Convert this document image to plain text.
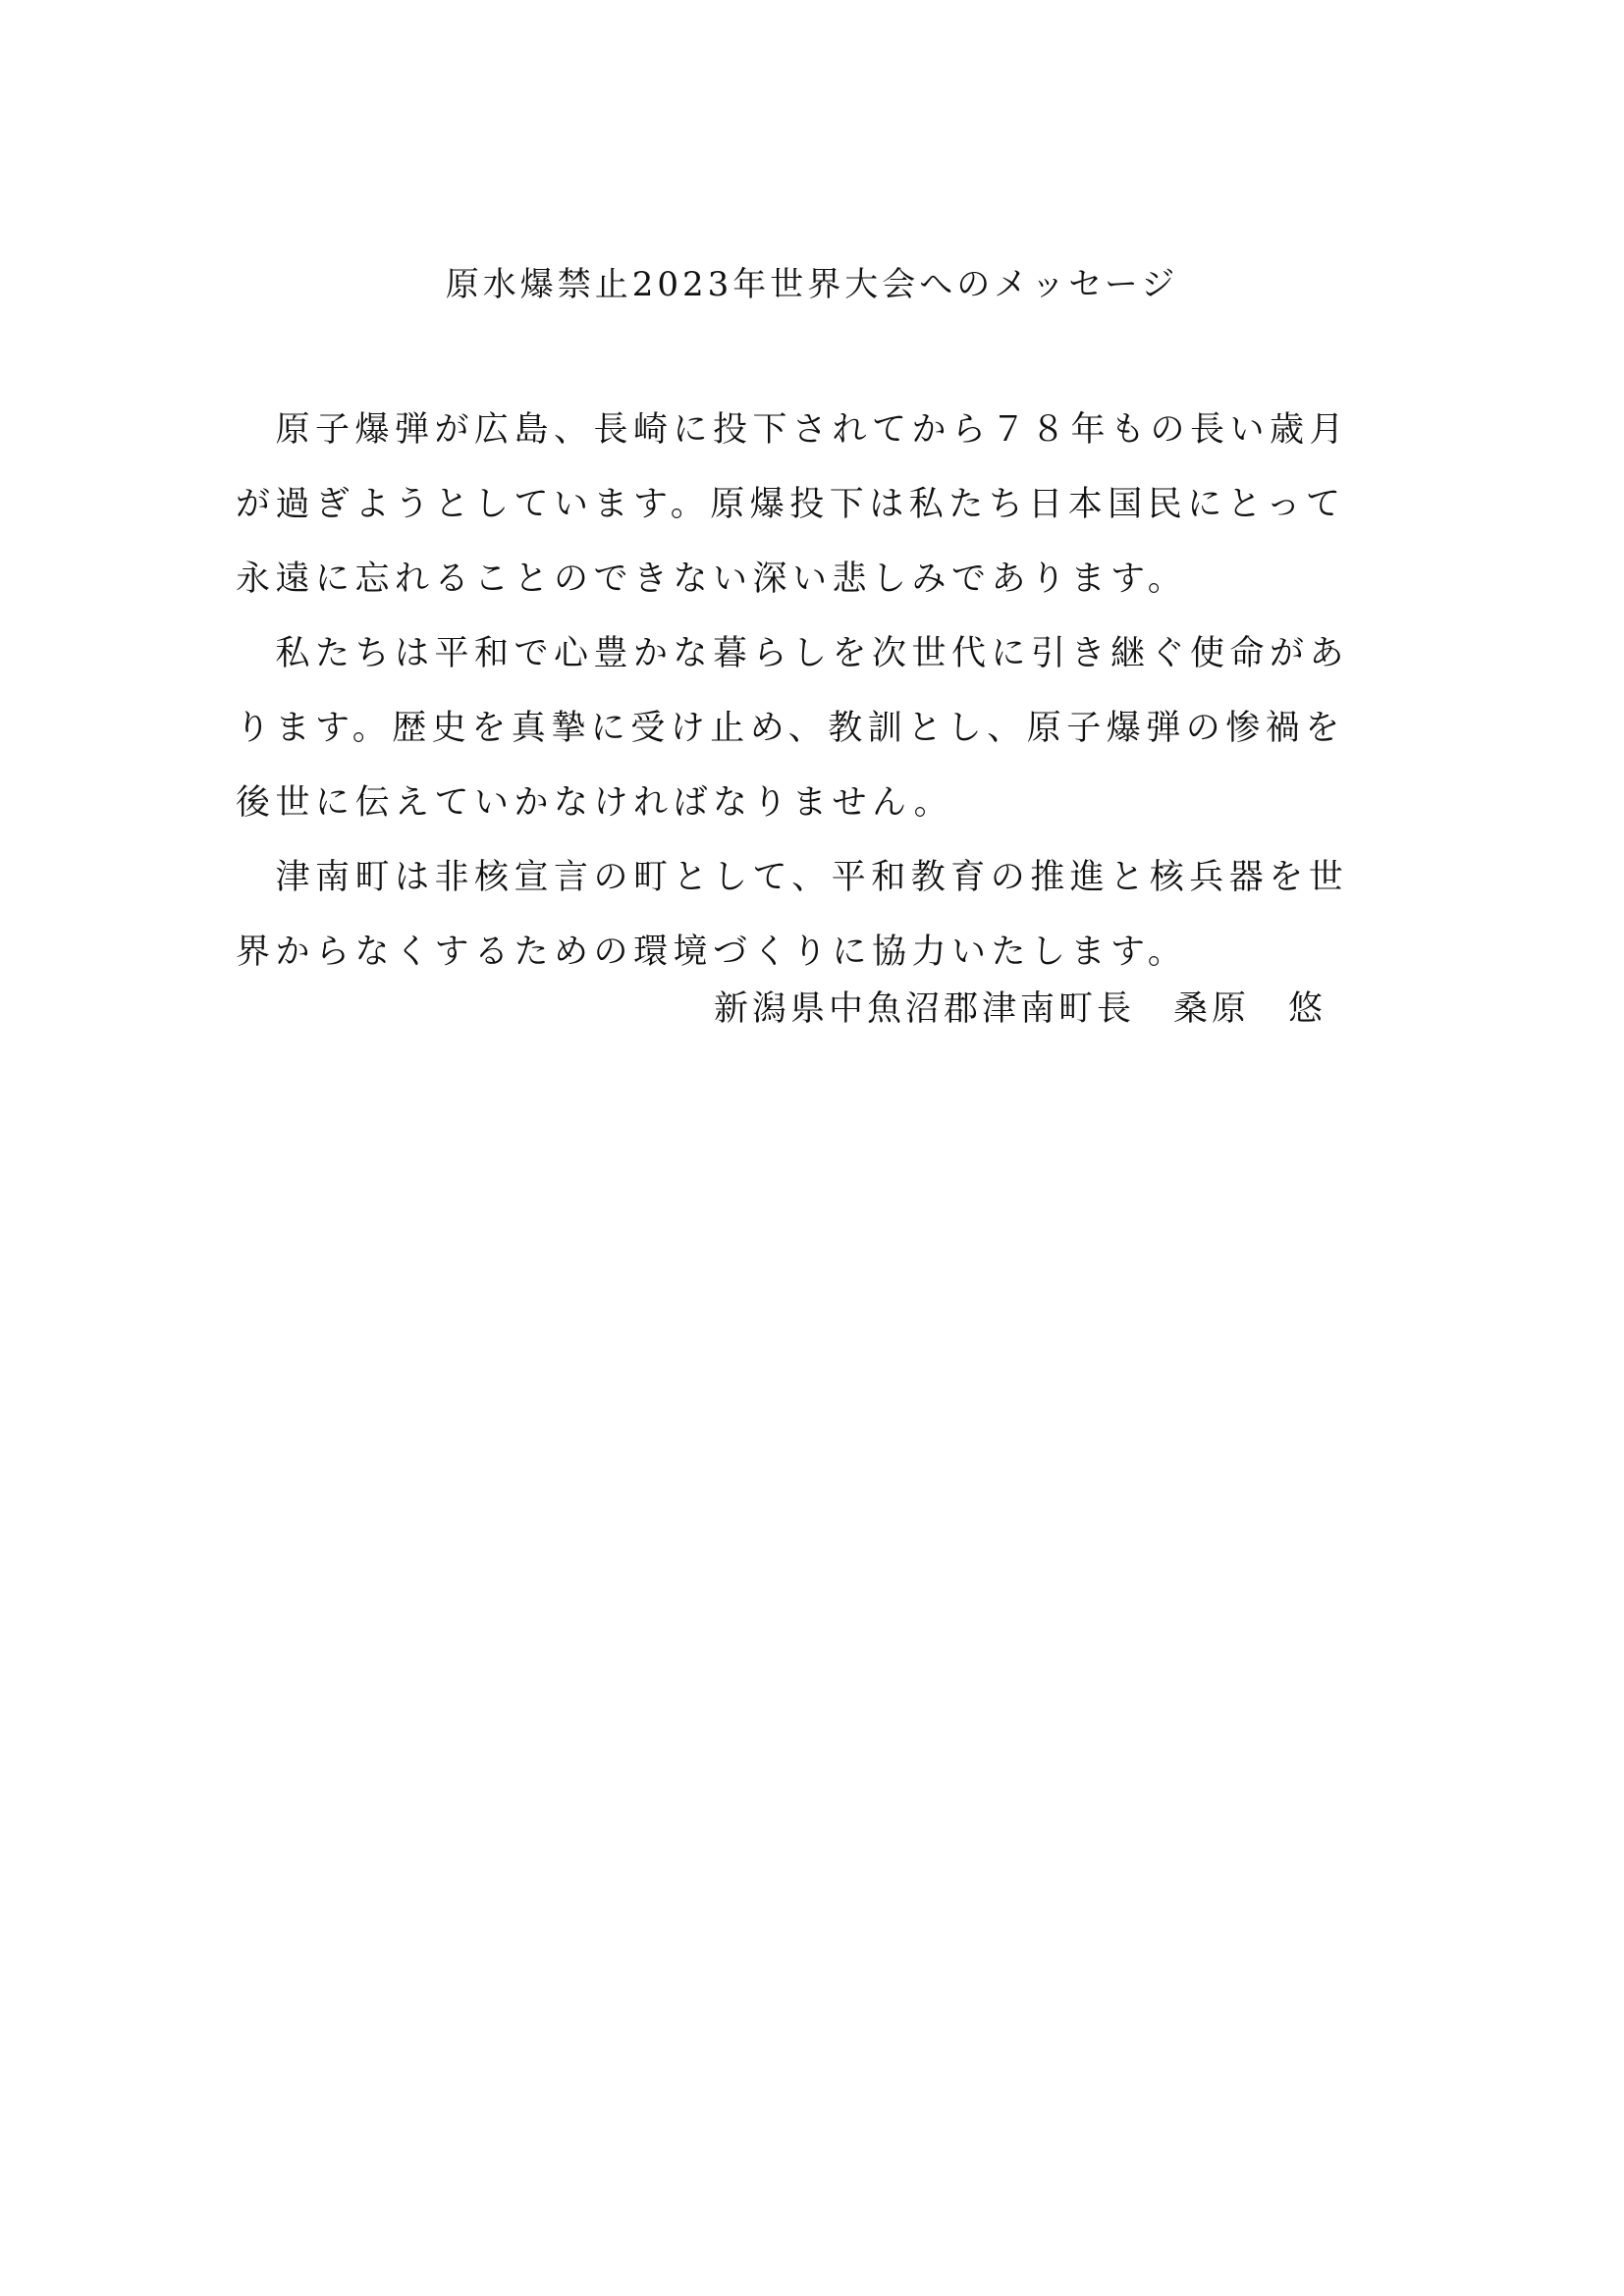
原水爆禁止2023年世界大会へのメッセージ
　原子爆弾が広島、長崎に投下されてから７８年もの長い歳月
が過ぎようとしています。原爆投下は私たち日本国民にとって
永遠に忘れることのできない深い悲しみであります。
　私たちは平和で心豊かな暮らしを次世代に引き継ぐ使命があ
ります。歴史を真摯に受け止め、教訓とし、原子爆弾の惨禍を
後世に伝えていかなければなりません。
　津南町は非核宣言の町として、平和教育の推進と核兵器を世
界からなくするための環境づくりに協力いたします。
新潟県中魚沼郡津南町長　桑原　悠
